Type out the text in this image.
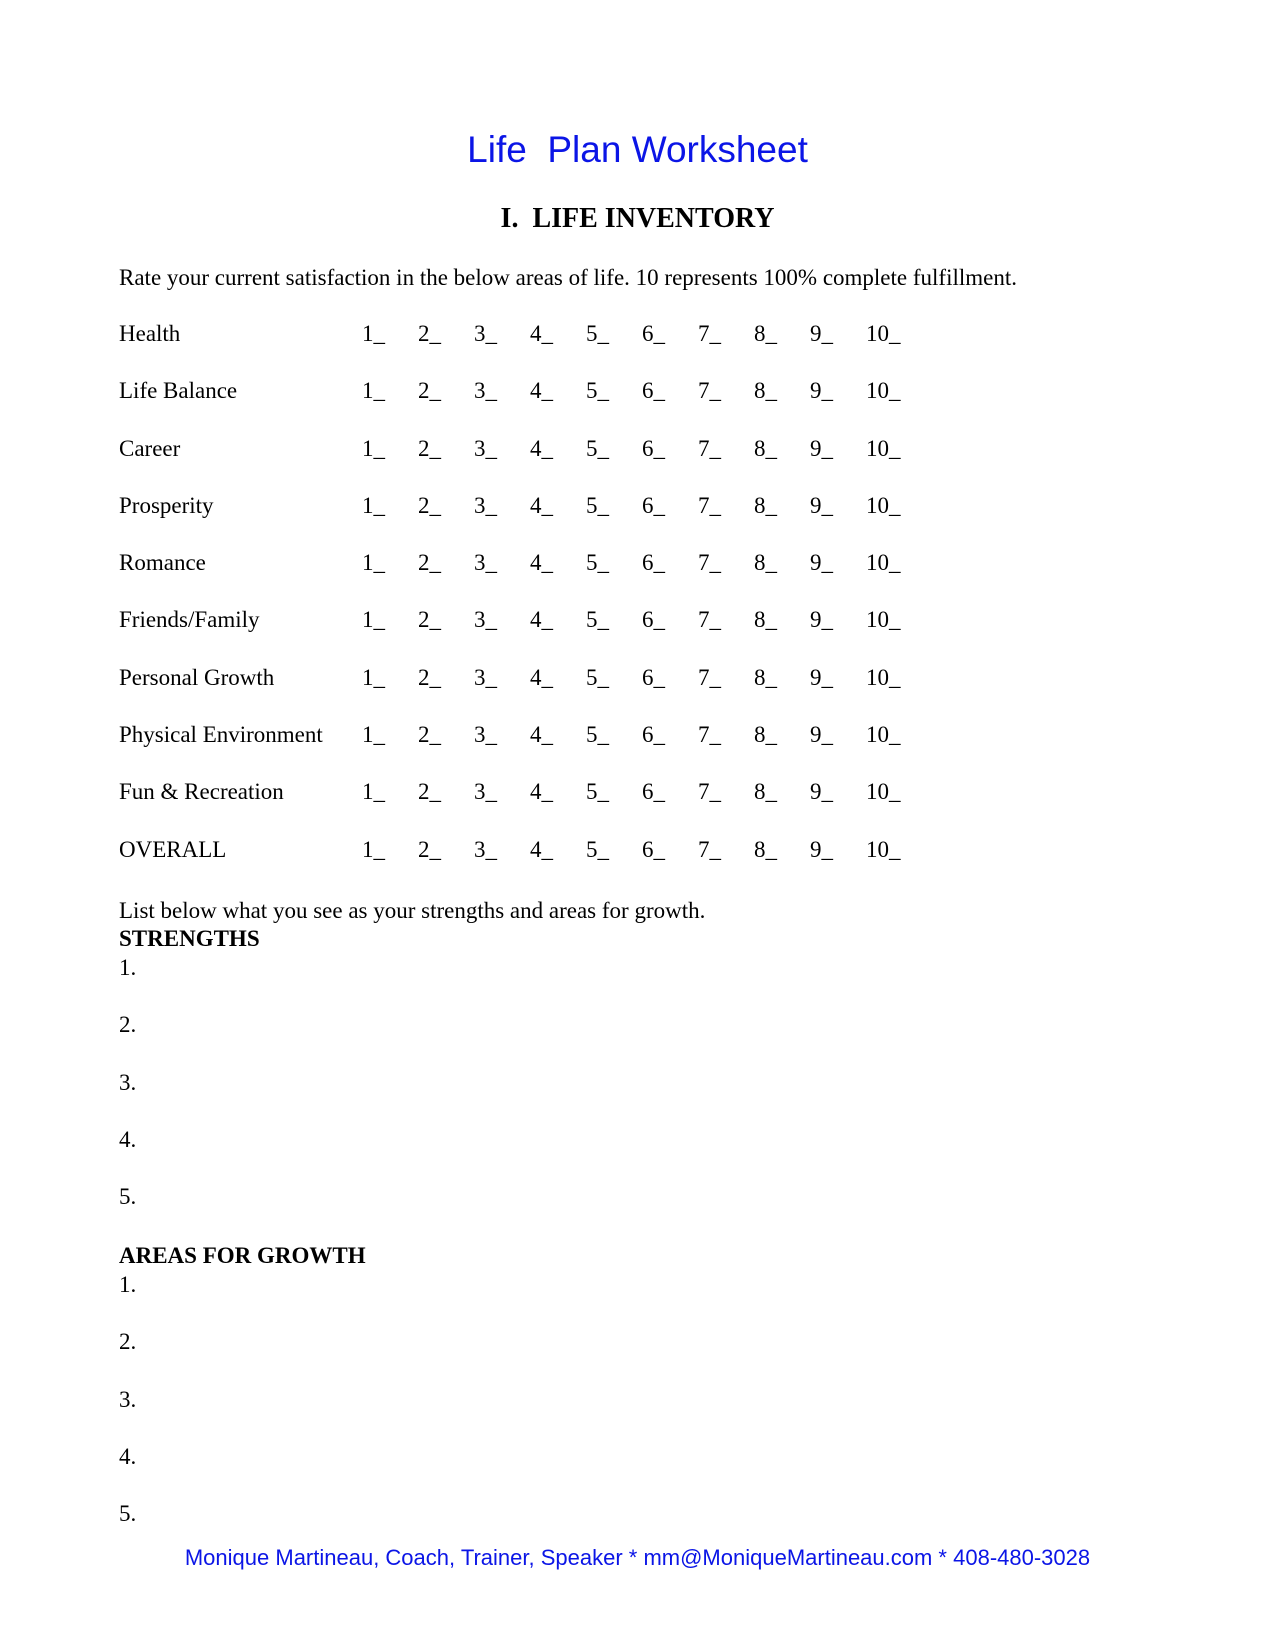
Life  Plan Worksheet
I.  LIFE INVENTORY
Rate your current satisfaction in the below areas of life. 10 represents 100% complete fulfillment.
Health	1_ 2_ 3_ 4_ 5_ 6_ 7_ 8_ 9_ 10_
Life Balance	1_ 2_ 3_ 4_ 5_ 6_ 7_ 8_ 9_ 10_
Career	1_ 2_ 3_ 4_ 5_ 6_ 7_ 8_ 9_ 10_
Prosperity	1_ 2_ 3_ 4_ 5_ 6_ 7_ 8_ 9_ 10_
Romance	1_ 2_ 3_ 4_ 5_ 6_ 7_ 8_ 9_ 10_
Friends/Family	1_ 2_ 3_ 4_ 5_ 6_ 7_ 8_ 9_ 10_
Personal Growth	1_ 2_ 3_ 4_ 5_ 6_ 7_ 8_ 9_ 10_
Physical Environment 1_ 2_ 3_ 4_ 5_ 6_ 7_ 8_ 9_ 10_
Fun & Recreation	1_ 2_ 3_ 4_ 5_ 6_ 7_ 8_ 9_ 10_
OVERALL	1_ 2_ 3_ 4_ 5_ 6_ 7_ 8_ 9_ 10_
List below what you see as your strengths and areas for growth.
STRENGTHS
1.
2.
3.
4.
5.
AREAS FOR GROWTH
1.
2.
3.
4.
5.
Monique Martineau, Coach, Trainer, Speaker * mm@MoniqueMartineau.com * 408-480-3028
